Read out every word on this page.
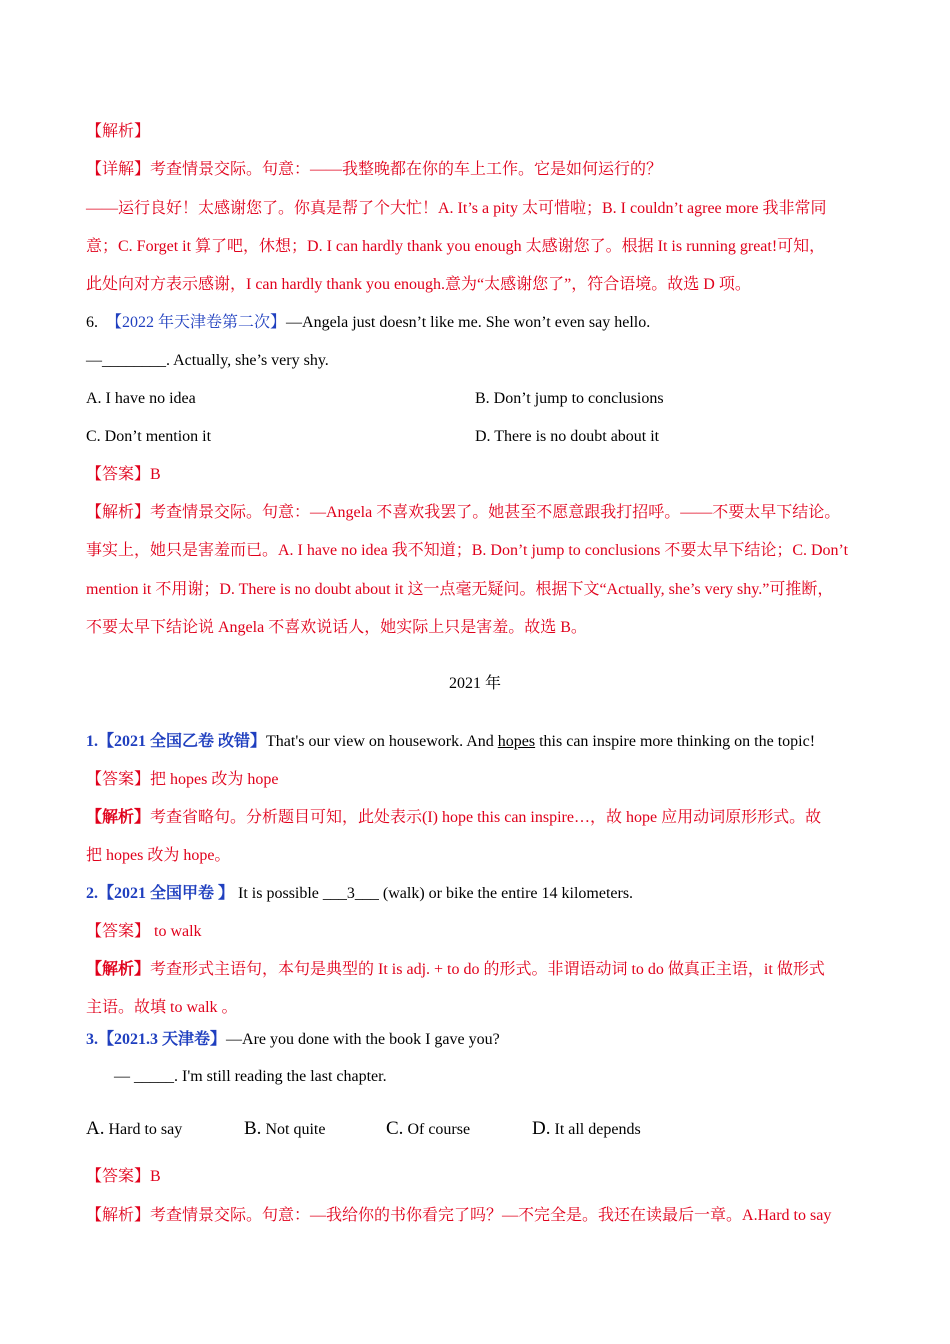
【解析】
【详解】考查情景交际。句意：——我整晚都在你的车上工作。它是如何运行的？
——运行良好！太感谢您了。你真是帮了个大忙！A. It’s a pity 太可惜啦；B. I couldn’t agree more 我非常同
意；C. Forget it 算了吧，休想；D. I can hardly thank you enough 太感谢您了。根据 It is running great!可知，
此处向对方表示感谢，I can hardly thank you enough.意为“太感谢您了”，符合语境。故选 D 项。
6. 【2022 年天津卷第二次】—Angela just doesn’t like me. She won’t even say hello.
—________. Actually, she’s very shy.
A. I have no idea	B. Don’t jump to conclusions
C. Don’t mention it	D. There is no doubt about it
【答案】B
【解析】考查情景交际。句意：—Angela 不喜欢我罢了。她甚至不愿意跟我打招呼。——不要太早下结论。
事实上，她只是害羞而已。A. I have no idea 我不知道；B. Don’t jump to conclusions 不要太早下结论；C. Don’t
mention it 不用谢；D. There is no doubt about it 这一点毫无疑问。根据下文“Actually, she’s very shy.”可推断，
不要太早下结论说 Angela 不喜欢说话人，她实际上只是害羞。故选 B。
2021 年
1.【2021 全国乙卷 改错】That's our view on housework. And hopes this can inspire more thinking on the topic!
【答案】把 hopes 改为 hope
【解析】考查省略句。分析题目可知，此处表示(I) hope this can inspire…，故 hope 应用动词原形形式。故
把 hopes 改为 hope。
2.【2021 全国甲卷 】 It is possible ___3___ (walk) or bike the entire 14 kilometers.
【答案】 to walk
【解析】考查形式主语句，本句是典型的 It is adj. + to do 的形式。非谓语动词 to do 做真正主语，it 做形式
主语。故填 to walk 。
3.【2021.3 天津卷】—Are you done with the book I gave you?
— _____. I'm still reading the last chapter.
A. Hard to say	B. Not quite	C. Of course	D. It all depends
【答案】B
【解析】考查情景交际。句意：—我给你的书你看完了吗？—不完全是。我还在读最后一章。A.Hard to say
